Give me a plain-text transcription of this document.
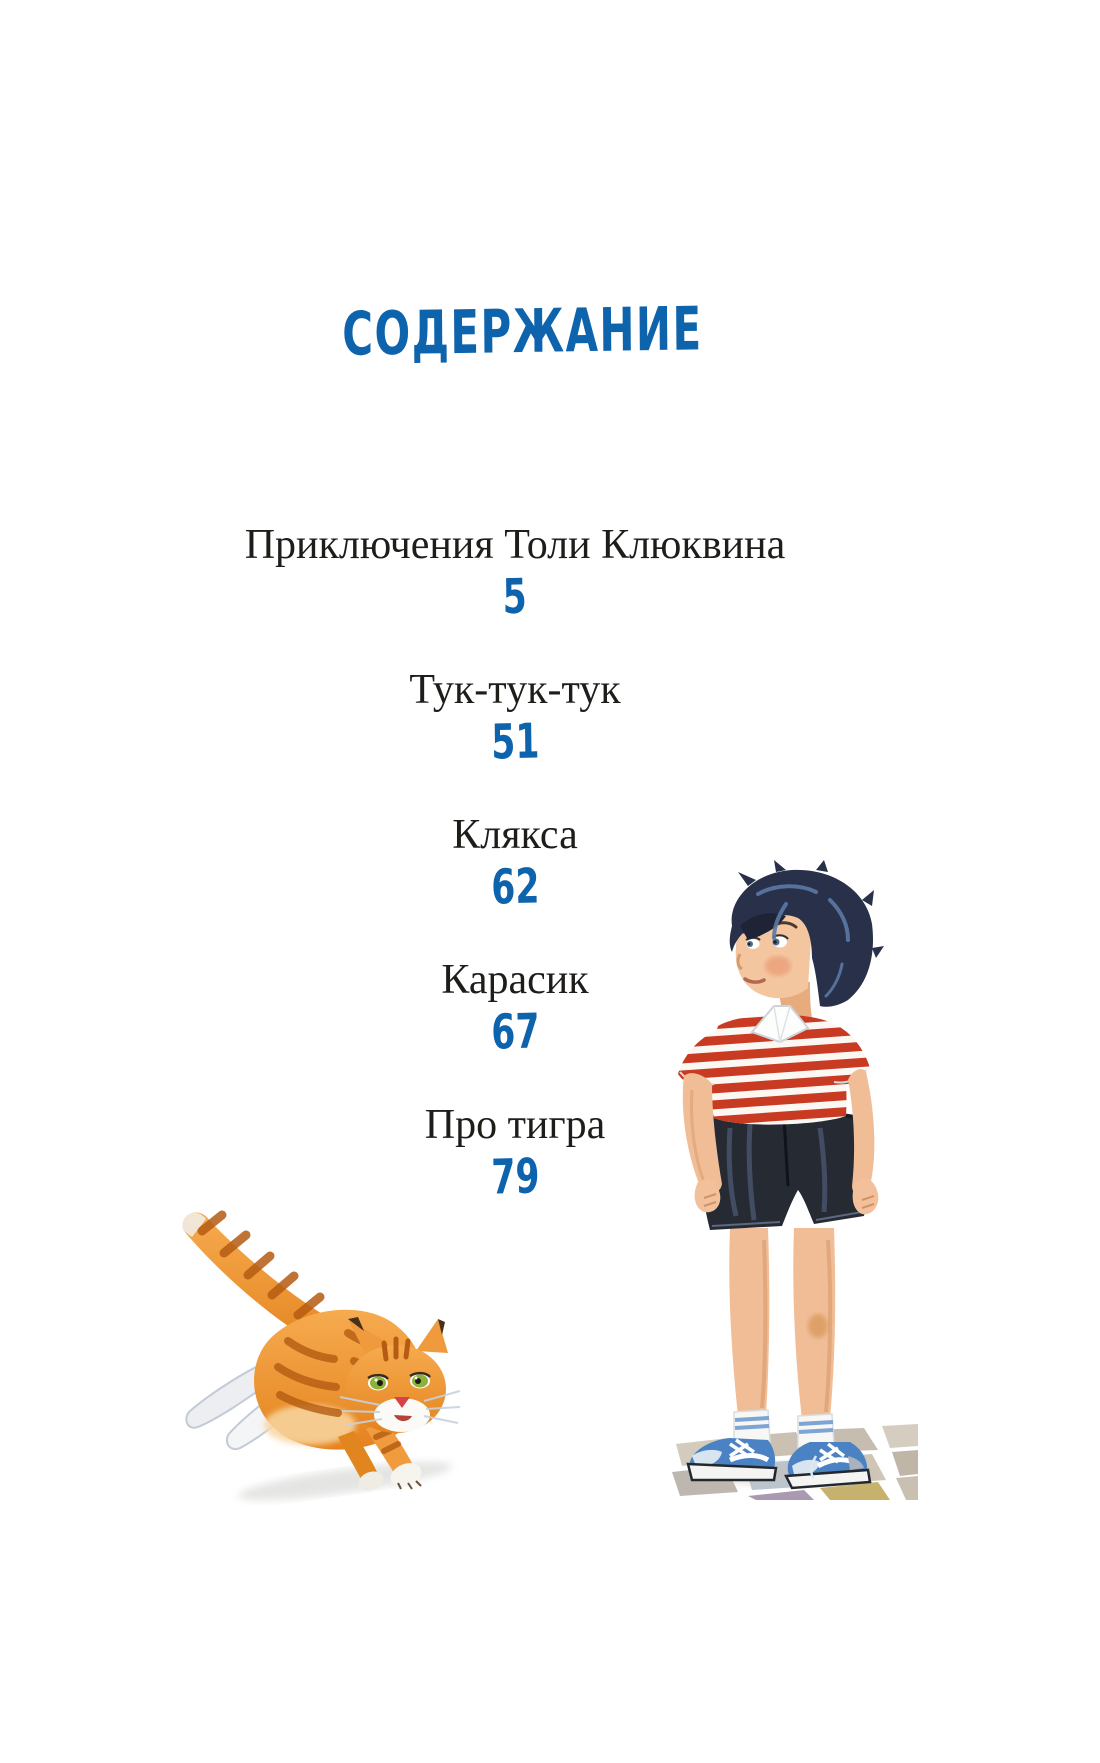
СОДЕРЖАНИЕ
Приключения Толи Клюквина
5
Тук-тук-тук
51
Клякса
62
Карасик
67
Про тигра
79
